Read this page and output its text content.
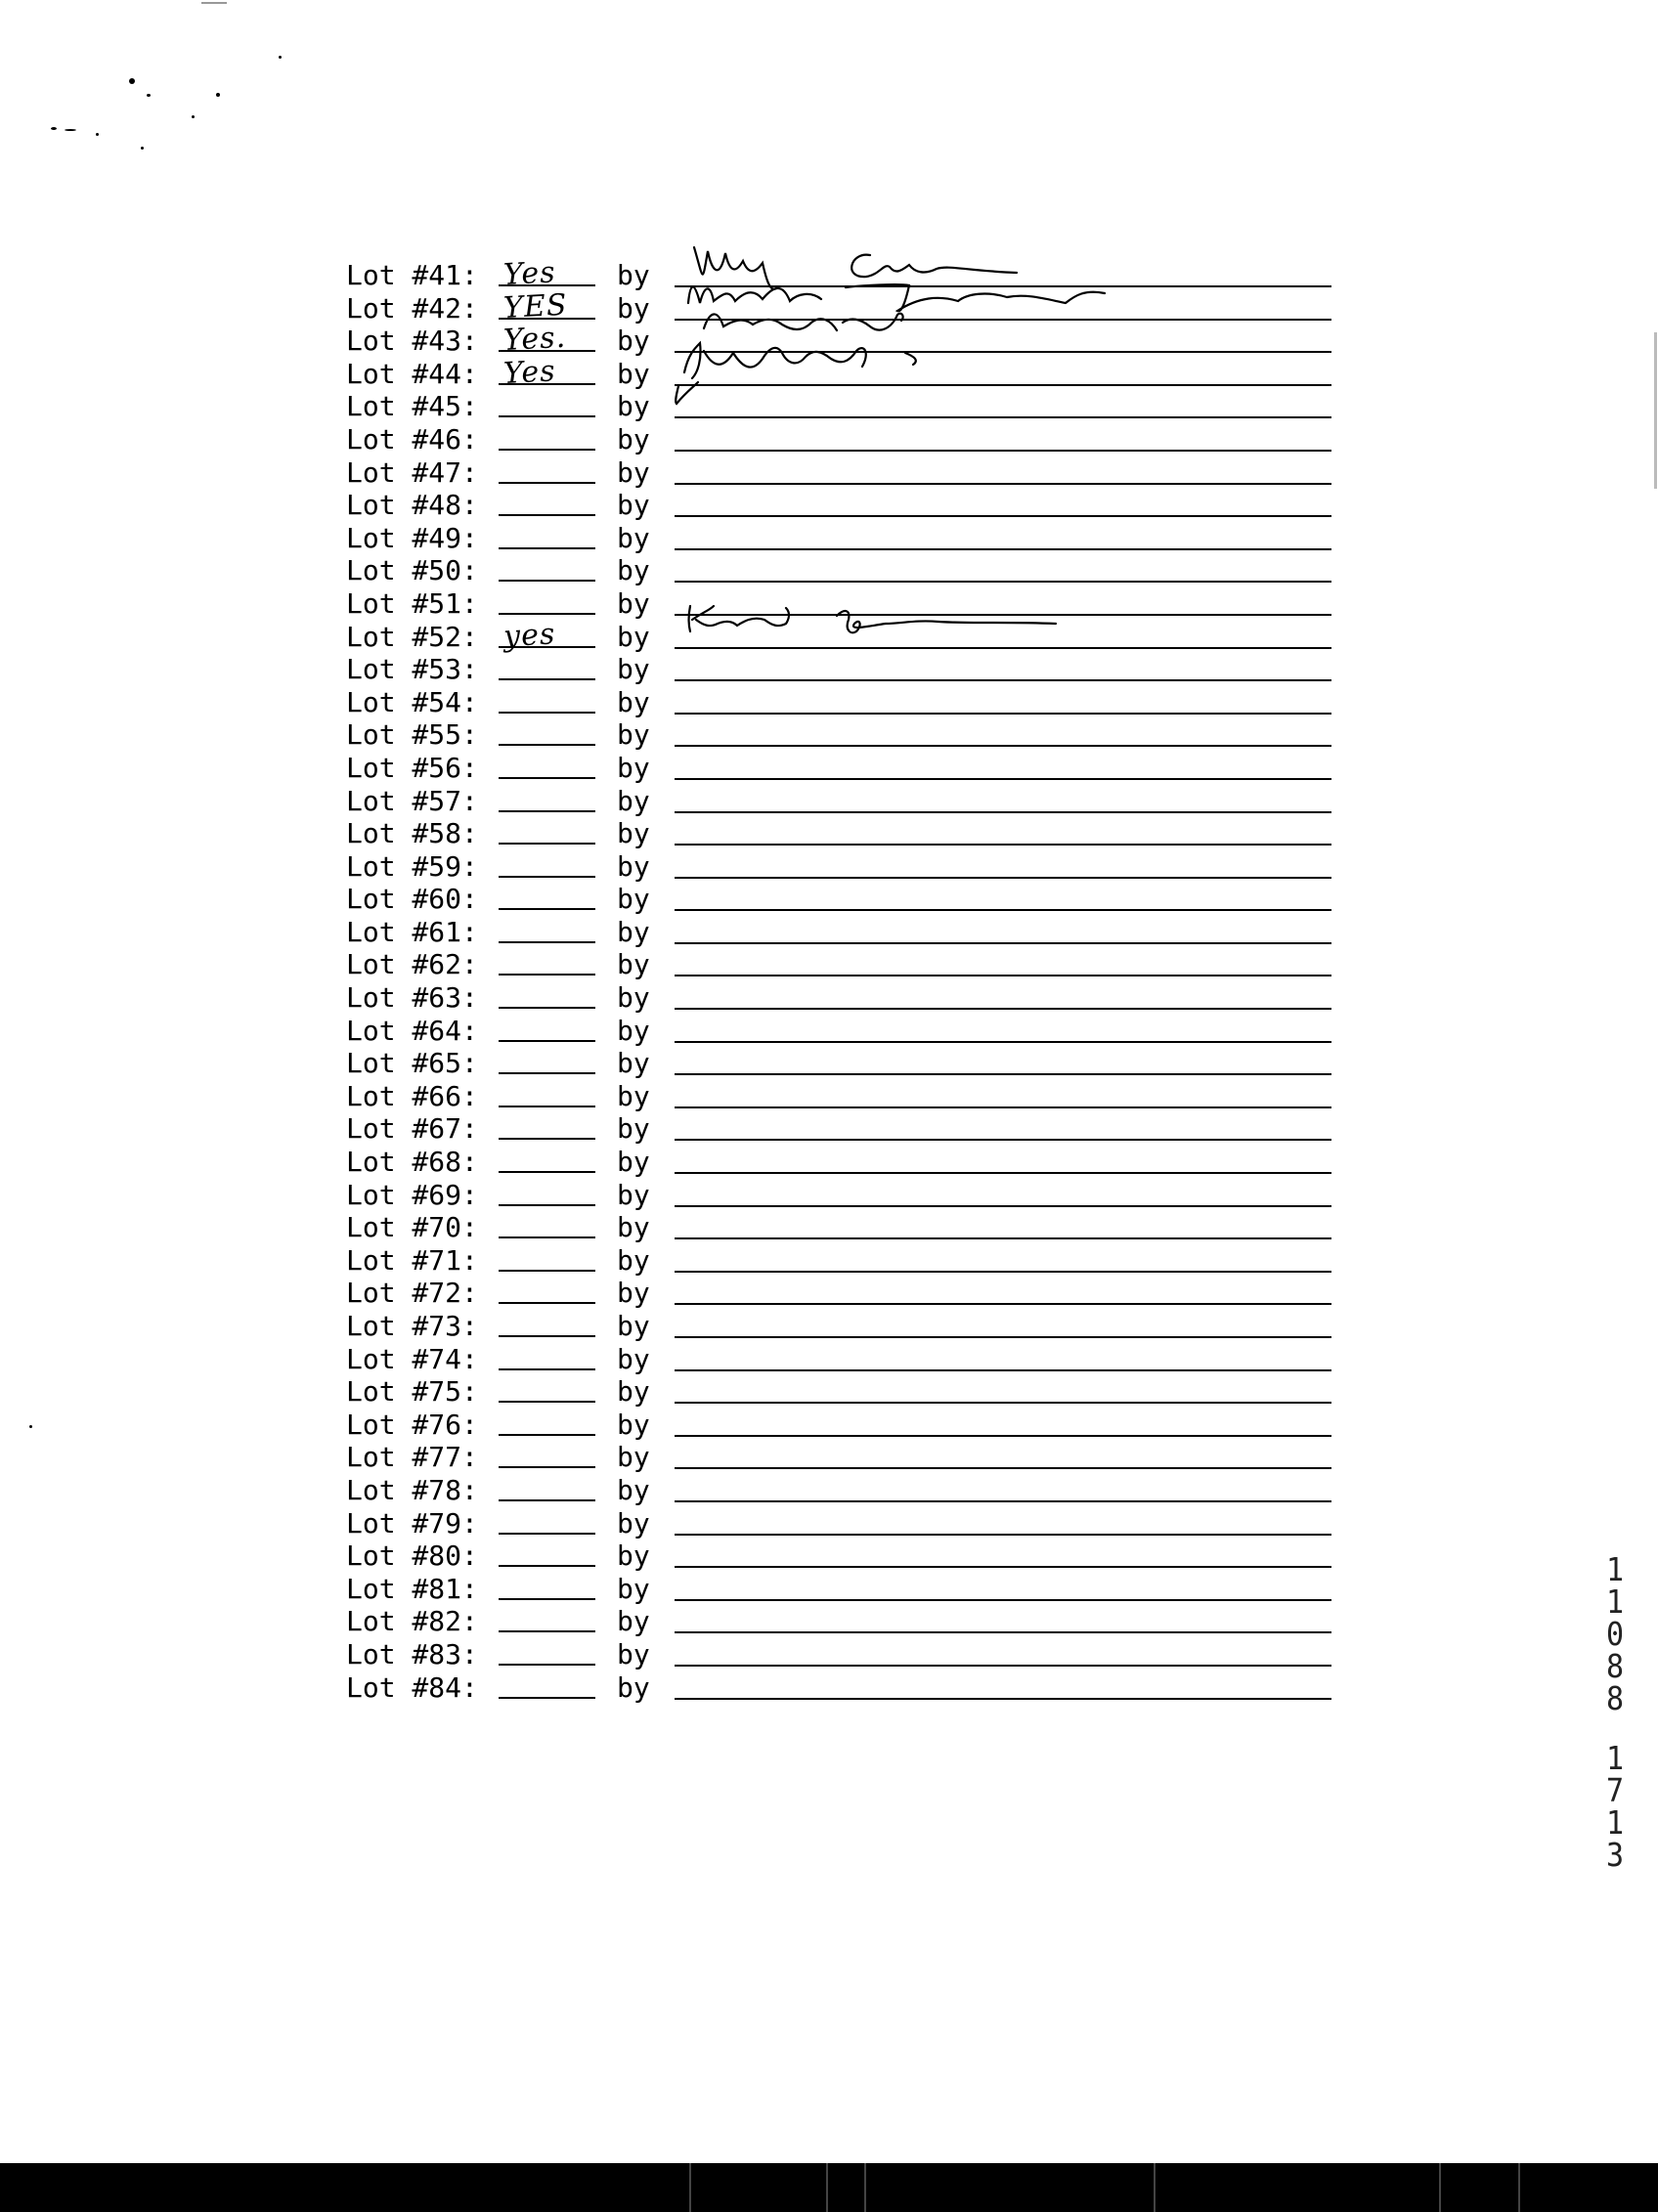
Lot #41: Yes by
Lot #42: YES by
Lot #43: Yes. by
Lot #44: Yes by
Lot #45:	by
Lot #46:	by
Lot #47:	by
Lot #48:	by
Lot #49:	by
Lot #50:	by
Lot #51:	by
Lot #52: yes by
Lot #53:	by
Lot #54:	by
Lot #55:	by
Lot #56:	by
Lot #57:	by
Lot #58:	by
Lot #59:	by
Lot #60:	by
Lot #61:	by
Lot #62:	by
Lot #63:	by
Lot #64:	by
Lot #65:	by
Lot #66:	by
Lot #67:	by
Lot #68:	by
Lot #69:	by
Lot #70:	by
Lot #71:	by
Lot #72:	by
Lot #73:	by
Lot #74:	by
Lot #75:	by
Lot #76:	by
Lot #77:	by
Lot #78:	by
Lot #79:	by
Lot #80:	by
Lot #81:	by
Lot #82:	by
Lot #83:	by
Lot #84:	by
1
1
0
8
8
1
7
1
3
